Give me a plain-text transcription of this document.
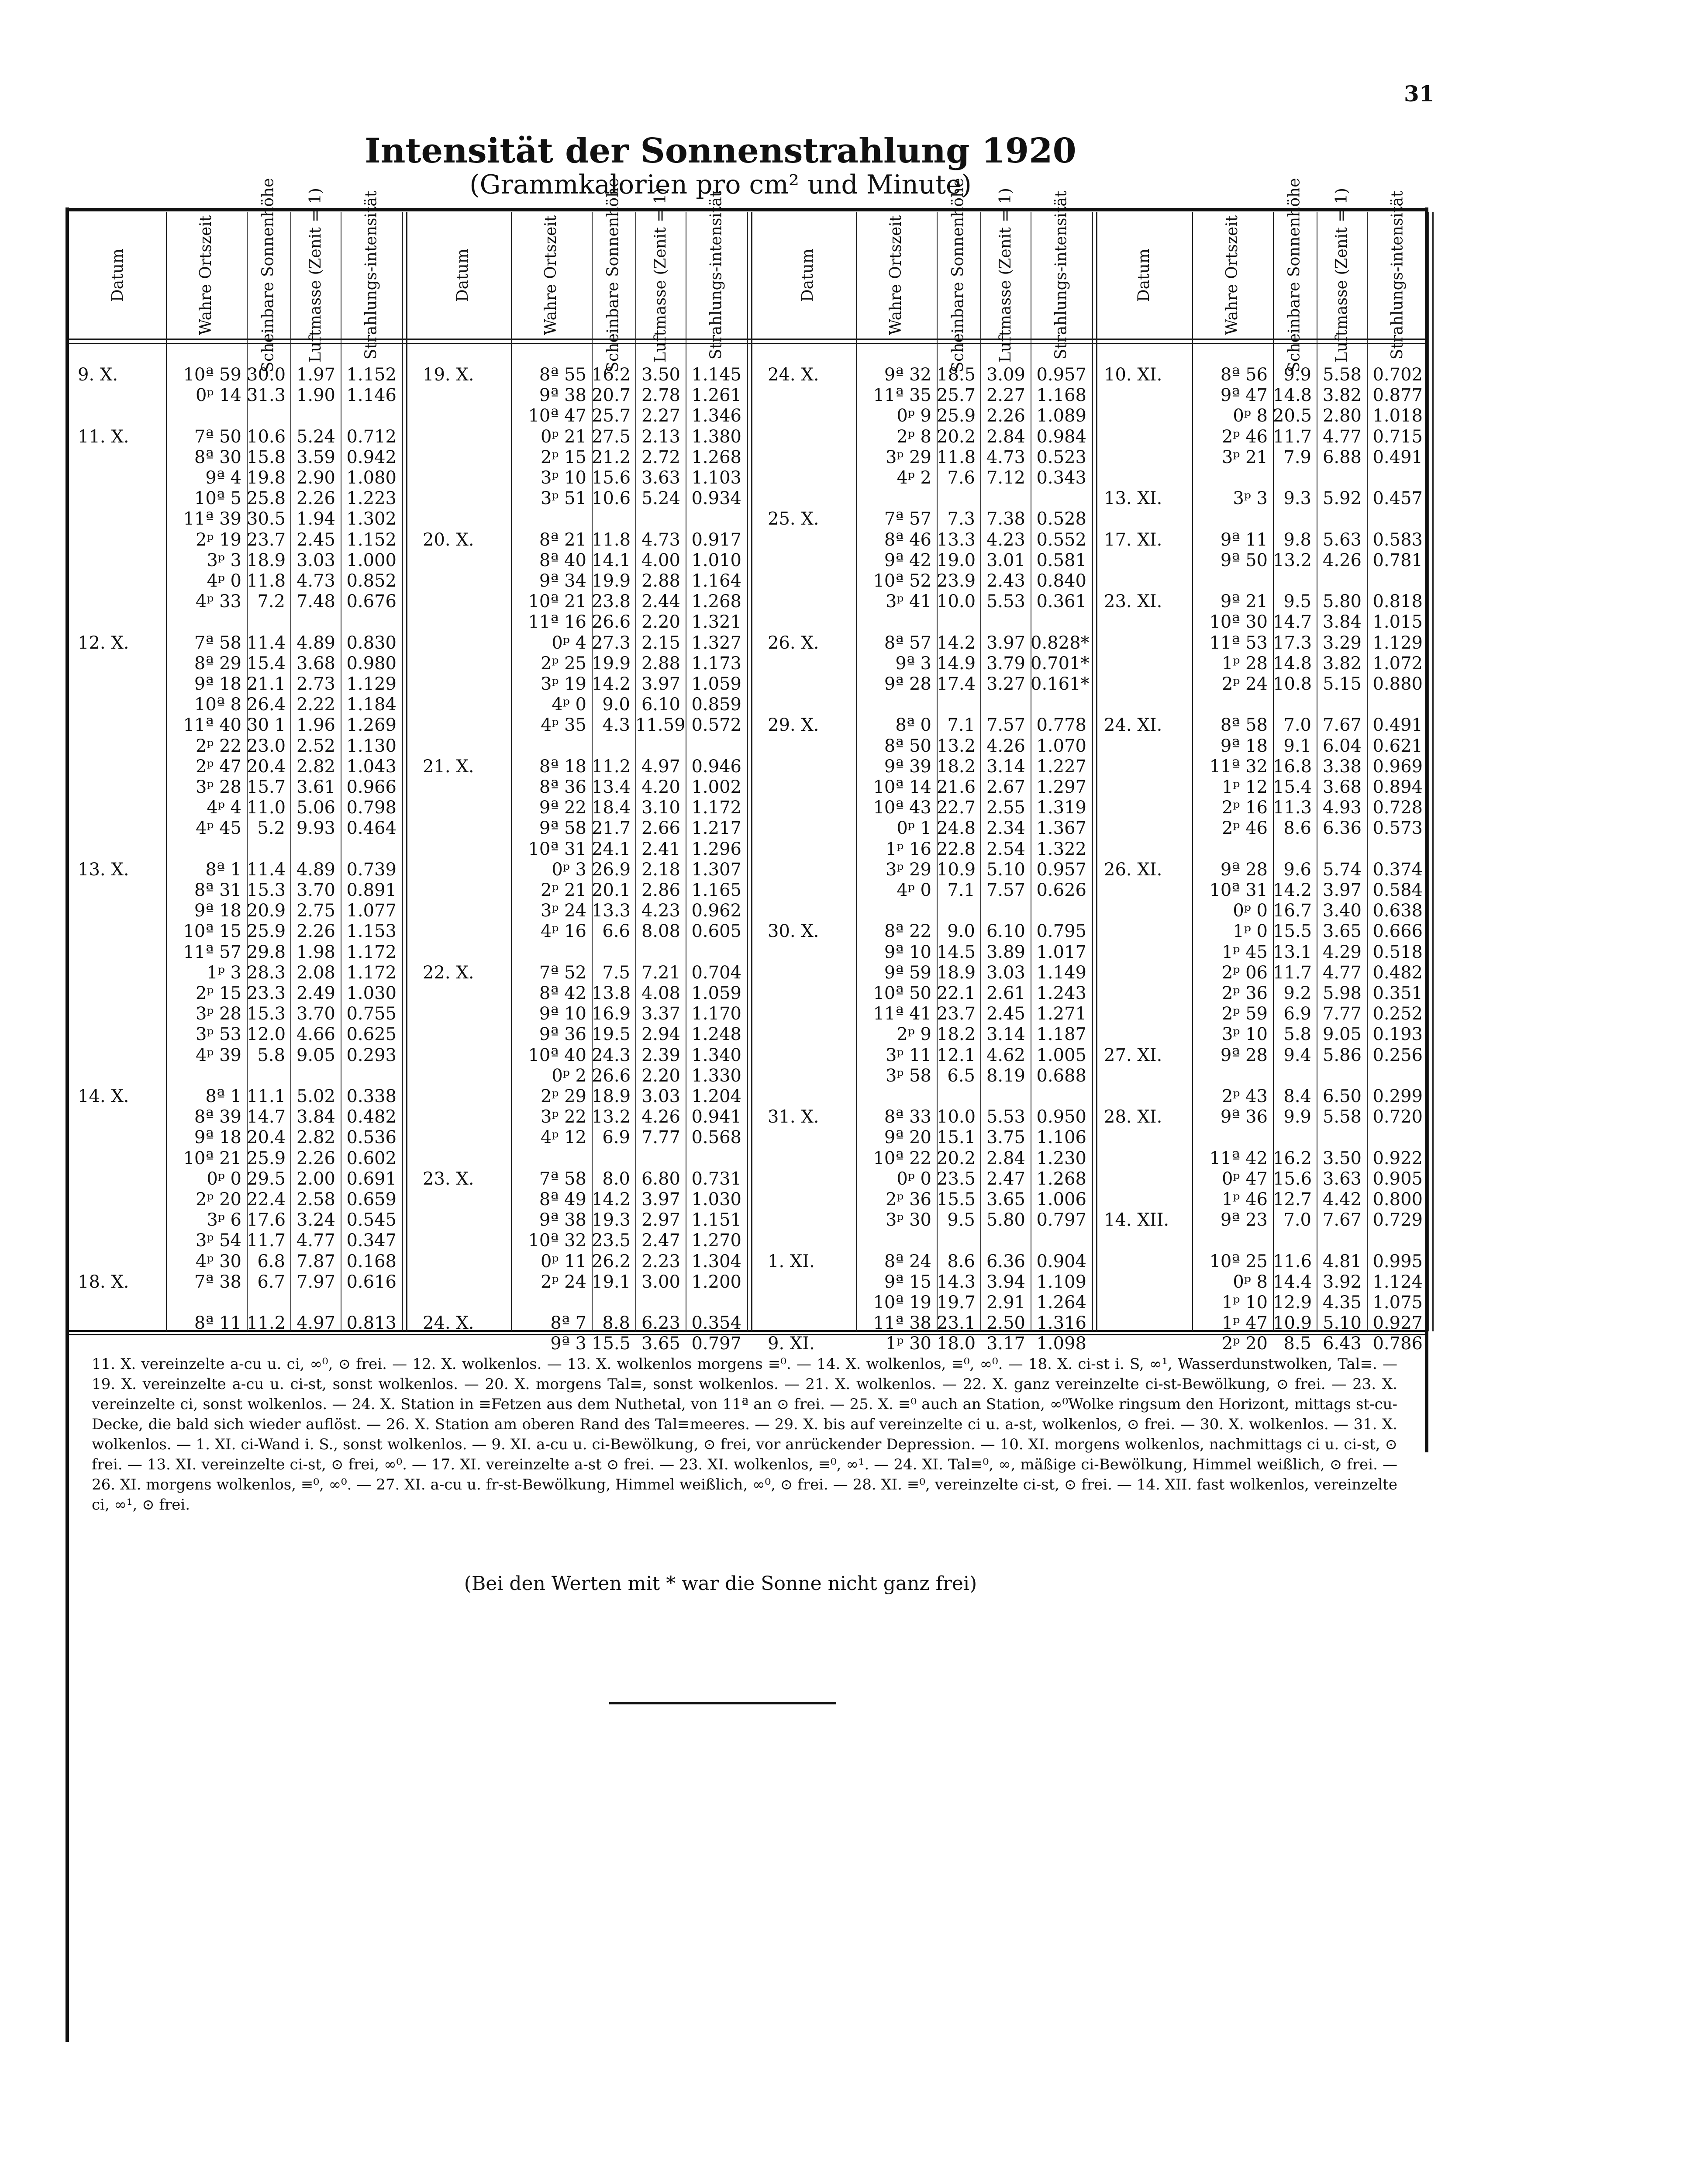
31
Intensität der Sonnenstrahlung 1920
(Grammkalorien pro cm² und Minute)
Datum	Wahre Ortszeit	Scheinbare Sonnenhöhe Luftmasse (Zenit = 1) Strahlungs-intensität
9. X.	10ª 59 30.0 1.97 1.152
0ᵖ 14 31.3 1.90 1.146
11. X.	7ª 50 10.6 5.24 0.712
8ª 30 15.8 3.59 0.942
9ª 4 19.8 2.90 1.080
10ª 5 25.8 2.26 1.223
11ª 39 30.5 1.94 1.302
2ᵖ 19 23.7 2.45 1.152
3ᵖ 3 18.9 3.03 1.000
4ᵖ 0 11.8 4.73 0.852
4ᵖ 33 7.2 7.48 0.676
12. X.	7ª 58 11.4 4.89 0.830
8ª 29 15.4 3.68 0.980
9ª 18 21.1 2.73 1.129
10ª 8 26.4 2.22 1.184
11ª 40 30 1 1.96 1.269
2ᵖ 22 23.0 2.52 1.130
2ᵖ 47 20.4 2.82 1.043
3ᵖ 28 15.7 3.61 0.966
4ᵖ 4 11.0 5.06 0.798
4ᵖ 45 5.2 9.93 0.464
13. X.	8ª 1 11.4 4.89 0.739
8ª 31 15.3 3.70 0.891
9ª 18 20.9 2.75 1.077
10ª 15 25.9 2.26 1.153
11ª 57 29.8 1.98 1.172
1ᵖ 3 28.3 2.08 1.172
2ᵖ 15 23.3 2.49 1.030
3ᵖ 28 15.3 3.70 0.755
3ᵖ 53 12.0 4.66 0.625
4ᵖ 39 5.8 9.05 0.293
14. X.	8ª 1 11.1 5.02 0.338
8ª 39 14.7 3.84 0.482
9ª 18 20.4 2.82 0.536
10ª 21 25.9 2.26 0.602
0ᵖ 0 29.5 2.00 0.691
2ᵖ 20 22.4 2.58 0.659
3ᵖ 6 17.6 3.24 0.545
3ᵖ 54 11.7 4.77 0.347
4ᵖ 30 6.8 7.87 0.168
18. X.	7ª 38 6.7 7.97 0.616
8ª 11 11.2 4.97 0.813
Datum	Wahre Ortszeit	Scheinbare Sonnenhöhe Luftmasse (Zenit = 1) Strahlungs-intensität
19. X.	8ª 55 16.2 3.50 1.145
9ª 38 20.7 2.78 1.261
10ª 47 25.7 2.27 1.346
0ᵖ 21 27.5 2.13 1.380
2ᵖ 15 21.2 2.72 1.268
3ᵖ 10 15.6 3.63 1.103
3ᵖ 51 10.6 5.24 0.934
20. X.	8ª 21 11.8 4.73 0.917
8ª 40 14.1 4.00 1.010
9ª 34 19.9 2.88 1.164
10ª 21 23.8 2.44 1.268
11ª 16 26.6 2.20 1.321
0ᵖ 4 27.3 2.15 1.327
2ᵖ 25 19.9 2.88 1.173
3ᵖ 19 14.2 3.97 1.059
4ᵖ 0 9.0 6.10 0.859
4ᵖ 35 4.3 11.59 0.572
21. X.	8ª 18 11.2 4.97 0.946
8ª 36 13.4 4.20 1.002
9ª 22 18.4 3.10 1.172
9ª 58 21.7 2.66 1.217
10ª 31 24.1 2.41 1.296
0ᵖ 3 26.9 2.18 1.307
2ᵖ 21 20.1 2.86 1.165
3ᵖ 24 13.3 4.23 0.962
4ᵖ 16 6.6 8.08 0.605
22. X.	7ª 52 7.5 7.21 0.704
8ª 42 13.8 4.08 1.059
9ª 10 16.9 3.37 1.170
9ª 36 19.5 2.94 1.248
10ª 40 24.3 2.39 1.340
0ᵖ 2 26.6 2.20 1.330
2ᵖ 29 18.9 3.03 1.204
3ᵖ 22 13.2 4.26 0.941
4ᵖ 12 6.9 7.77 0.568
23. X.	7ª 58 8.0 6.80 0.731
8ª 49 14.2 3.97 1.030
9ª 38 19.3 2.97 1.151
10ª 32 23.5 2.47 1.270
0ᵖ 11 26.2 2.23 1.304
2ᵖ 24 19.1 3.00 1.200
24. X.	8ª 7 8.8 6.23 0.354
9ª 3 15.5 3.65 0.797
Datum	Wahre Ortszeit	Scheinbare Sonnenhöhe Luftmasse (Zenit = 1) Strahlungs-intensität
24. X.	9ª 32 18.5 3.09 0.957
11ª 35 25.7 2.27 1.168
0ᵖ 9 25.9 2.26 1.089
2ᵖ 8 20.2 2.84 0.984
3ᵖ 29 11.8 4.73 0.523
4ᵖ 2 7.6 7.12 0.343
25. X.	7ª 57 7.3 7.38 0.528
8ª 46 13.3 4.23 0.552
9ª 42 19.0 3.01 0.581
10ª 52 23.9 2.43 0.840
3ᵖ 41 10.0 5.53 0.361
26. X.	8ª 57 14.2 3.97 0.828*
9ª 3 14.9 3.79 0.701*
9ª 28 17.4 3.27 0.161*
29. X.	8ª 0 7.1 7.57 0.778
8ª 50 13.2 4.26 1.070
9ª 39 18.2 3.14 1.227
10ª 14 21.6 2.67 1.297
10ª 43 22.7 2.55 1.319
0ᵖ 1 24.8 2.34 1.367
1ᵖ 16 22.8 2.54 1.322
3ᵖ 29 10.9 5.10 0.957
4ᵖ 0 7.1 7.57 0.626
30. X.	8ª 22 9.0 6.10 0.795
9ª 10 14.5 3.89 1.017
9ª 59 18.9 3.03 1.149
10ª 50 22.1 2.61 1.243
11ª 41 23.7 2.45 1.271
2ᵖ 9 18.2 3.14 1.187
3ᵖ 11 12.1 4.62 1.005
3ᵖ 58 6.5 8.19 0.688
31. X.	8ª 33 10.0 5.53 0.950
9ª 20 15.1 3.75 1.106
10ª 22 20.2 2.84 1.230
0ᵖ 0 23.5 2.47 1.268
2ᵖ 36 15.5 3.65 1.006
3ᵖ 30 9.5 5.80 0.797
1. XI.	8ª 24 8.6 6.36 0.904
9ª 15 14.3 3.94 1.109
10ª 19 19.7 2.91 1.264
11ª 38 23.1 2.50 1.316
9. XI.	1ᵖ 30 18.0 3.17 1.098
Datum	Wahre Ortszeit	Scheinbare Sonnenhöhe Luftmasse (Zenit = 1) Strahlungs-intensität
10. XI.	8ª 56 9.9 5.58 0.702
9ª 47 14.8 3.82 0.877
0ᵖ 8 20.5 2.80 1.018
2ᵖ 46 11.7 4.77 0.715
3ᵖ 21 7.9 6.88 0.491
13. XI.	3ᵖ 3 9.3 5.92 0.457
17. XI.	9ª 11 9.8 5.63 0.583
9ª 50 13.2 4.26 0.781
23. XI.	9ª 21 9.5 5.80 0.818
10ª 30 14.7 3.84 1.015
11ª 53 17.3 3.29 1.129
1ᵖ 28 14.8 3.82 1.072
2ᵖ 24 10.8 5.15 0.880
24. XI.	8ª 58 7.0 7.67 0.491
9ª 18 9.1 6.04 0.621
11ª 32 16.8 3.38 0.969
1ᵖ 12 15.4 3.68 0.894
2ᵖ 16 11.3 4.93 0.728
2ᵖ 46 8.6 6.36 0.573
26. XI.	9ª 28 9.6 5.74 0.374
10ª 31 14.2 3.97 0.584
0ᵖ 0 16.7 3.40 0.638
1ᵖ 0 15.5 3.65 0.666
1ᵖ 45 13.1 4.29 0.518
2ᵖ 06 11.7 4.77 0.482
2ᵖ 36 9.2 5.98 0.351
2ᵖ 59 6.9 7.77 0.252
3ᵖ 10 5.8 9.05 0.193
27. XI.	9ª 28 9.4 5.86 0.256
2ᵖ 43 8.4 6.50 0.299
28. XI.	9ª 36 9.9 5.58 0.720
11ª 42 16.2 3.50 0.922
0ᵖ 47 15.6 3.63 0.905
1ᵖ 46 12.7 4.42 0.800
14. XII.	9ª 23 7.0 7.67 0.729
10ª 25 11.6 4.81 0.995
0ᵖ 8 14.4 3.92 1.124
1ᵖ 10 12.9 4.35 1.075
1ᵖ 47 10.9 5.10 0.927
2ᵖ 20 8.5 6.43 0.786
11. X. vereinzelte a-cu u. ci, ∞⁰, ⊙ frei. — 12. X. wolkenlos. — 13. X. wolkenlos morgens ≡⁰. — 14. X. wolkenlos, ≡⁰, ∞⁰. — 18. X. ci-st i. S, ∞¹, Wasserdunstwolken, Tal≡. — 19. X. vereinzelte a-cu u. ci-st, sonst wolkenlos. — 20. X. morgens Tal≡, sonst wolkenlos. — 21. X. wolkenlos. — 22. X. ganz vereinzelte ci-st-Bewölkung, ⊙ frei. — 23. X. vereinzelte ci, sonst wolkenlos. — 24. X. Station in ≡Fetzen aus dem Nuthetal, von 11ª an ⊙ frei. — 25. X. ≡⁰ auch an Station, ∞⁰Wolke ringsum den Horizont, mittags st-cu-Decke, die bald sich wieder auflöst. — 26. X. Station am oberen Rand des Tal≡meeres. — 29. X. bis auf vereinzelte ci u. a-st, wolkenlos, ⊙ frei. — 30. X. wolkenlos. — 31. X. wolkenlos. — 1. XI. ci-Wand i. S., sonst wolkenlos. — 9. XI. a-cu u. ci-Bewölkung, ⊙ frei, vor anrückender Depression. — 10. XI. morgens wolkenlos, nachmittags ci u. ci-st, ⊙ frei. — 13. XI. vereinzelte ci-st, ⊙ frei, ∞⁰. — 17. XI. vereinzelte a-st ⊙ frei. — 23. XI. wolkenlos, ≡⁰, ∞¹. — 24. XI. Tal≡⁰, ∞, mäßige ci-Bewölkung, Himmel weißlich, ⊙ frei. — 26. XI. morgens wolkenlos, ≡⁰, ∞⁰. — 27. XI. a-cu u. fr-st-Bewölkung, Himmel weißlich, ∞⁰, ⊙ frei. — 28. XI. ≡⁰, vereinzelte ci-st, ⊙ frei. — 14. XII. fast wolkenlos, vereinzelte ci, ∞¹, ⊙ frei.
(Bei den Werten mit * war die Sonne nicht ganz frei)
